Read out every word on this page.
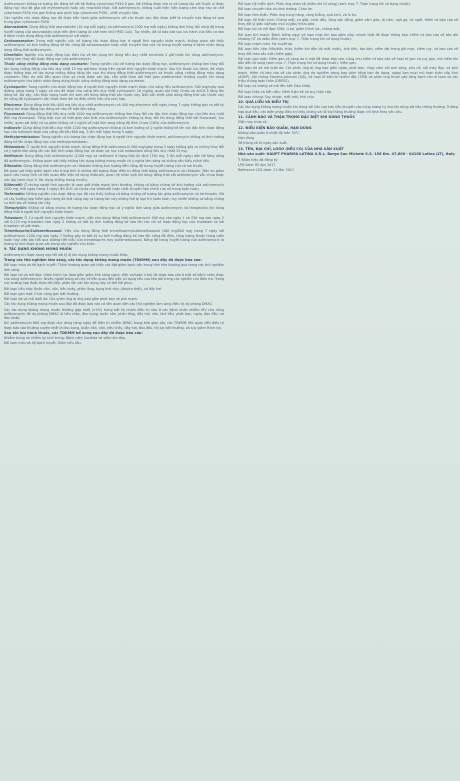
Azithromycin không có tương tác đáng kể với hệ thống cytochrom P450 ở gan. Nó không được cho là có tương tác với thuốc vì được động học như đã gặp với erythromycin hoặc các macrolid khác. Với azithromycin, không xuất hiện hiện tượng cảm ứng hay ức chế cytochrom P450 của gan thông qua phức hợp cytochrom P450 - chất chuyển hóa.
Các nghiên cứu dược động học đã được tiến hành giữa azithromycin với các thuốc sau đây được biết là chuyển hóa đáng kể qua trung gian cytochrom P450.
Atorvastatin: Dùng đồng thời atorvastatin (10 mg mỗi ngày) và azithromycin (500 mg mỗi ngày) không làm thay đổi nồng độ trong huyết tương của atorvastatin (dựa trên định lượng ức chế men khử HMG CoA). Tuy nhiên, đã có báo cáo sau lưu hành của tiêu cơ vân ở bệnh nhân dùng đồng thời azithromycin với statin.
Carbamazepine: Trong một nghiên cứu về tương tác dược động học ở người tình nguyện khỏe mạnh, không quan sát thấy azithromycin có ảnh hưởng đáng kể lên nồng độ carbamazepin hoặc chất chuyển hóa của nó trong huyết tương ở bệnh nhân đang dùng đồng thời azithromycin.
Cimetidin: Nghiên cứu dược động học điều tra về tác dụng khi dùng liều duy nhất cimetidin 2 giờ trước khi dùng azithromycin, không làm thay đổi dược động học của azithromycin.
Thuốc uống chống đông máu dạng coumarin: Trong nghiên cứu về tương tác dược động học, azithromycin không làm thay đổi tác dụng chống đông của liều duy nhất 15 mg warfarin dùng trên người tình nguyện khỏe mạnh. Sau khi thuốc lưu hành, đã nhận được thông báo về tác dụng chống đông tăng lên sau khi dùng đồng thời azithromycin và thuốc uống chống đông máu dạng coumarin. Mặc dù mối liên quan thực sự chưa được xác lập, cần phải theo dõi thời gian prothrombin thường xuyên khi dùng azithromycin cho bệnh nhân đang dùng thuốc uống chống đông máu dạng coumarin.
Cyclosporin: Trong nghiên cứu dược động học ở người tình nguyện khỏe mạnh được cho uống liều azithromycin 500 mg/ngày qua đường uống trong 3 ngày và sau đó được cho uống liều duy nhất cyclosporin 10 mg/kg, quan sát thấy Cmax và AUC0-5 tăng lên đáng kể. Do vậy, cần thận trọng trước khi xem xét dùng đồng thời các thuốc này. Nếu cần thiết phải dùng đồng thời các thuốc này thì nồng độ cyclosporin cần được theo dõi và điều chỉnh liều cho phù hợp.
Efavirenz: Dùng đồng thời liều 600 mg liều duy nhất azithromycin và 400 mg efavirenz mỗi ngày trong 7 ngày không gây ra bất kỳ tương tác dược động học đáng kể nào về mặt lâm sàng.
Fluconazol: Dùng đồng thời liều duy nhất 1200 mg azithromycin không làm thay đổi các đặc tính dược động học của liều duy nhất 800 mg fluconazol. Tổng tiếp xúc và thời gian bán thải của azithromycin không bị thay đổi khi dùng đồng thời với fluconazol, tuy nhiên, quan sát thấy có sự giảm không có ý nghĩa về mặt lâm sàng nồng độ đỉnh Cmax (18%) của azithromycin.
Indinavir: Dùng đồng thời liều duy nhất 1200 mg azithromycin không có ảnh hưởng có ý nghĩa thống kê lên các đặc tính dược động học của indinavir được cho uống với liều 800 mg, 3 lần mỗi ngày trong 5 ngày.
Methylprednisolon: Trong nghiên cứu tương tác dược động học ở người tình nguyện khỏe mạnh, azithromycin không có ảnh hưởng đáng kể lên dược động học của methylprednisolon.
Midazolam: Ở người tình nguyện khỏe mạnh, dùng đồng thời azithromycin 500 mg/ngày trong 3 ngày không gây ra những thay đổi có ý nghĩa lâm sàng lên các đặc tính dược động học và dược lực học của midazolam dùng liều duy nhất 15 mg.
Nelfinavir: Dùng đồng thời azithromycin (1200 mg) và nelfinavir ở trạng thái ổn định (750 mg, 3 lần mỗi ngày) dẫn tới tăng nồng độ azithromycin. Không quan sát thấy những tác dụng không mong muốn có ý nghĩa lâm sàng và không cần điều chỉnh liều.
Rifabutin: Dùng đồng thời azithromycin và rifabutin không ảnh hưởng đến nồng độ trong huyết tương của cả hai thuốc.
Đã quan sát thấy giảm bạch cầu trung tính ở những đối tượng được điều trị đồng thời bằng azithromycin và rifabutin. Mặc dù giảm bạch cầu trung tính có liên quan đến việc sử dụng rifabutin, quan hệ nhân quả khi dùng đồng thời với azithromycin vẫn chưa được xác lập (xem mục 9. Tác dụng không mong muốn).
Sildenafil: Ở những người tình nguyện là nam giới khỏe mạnh bình thường, không có bằng chứng về ảnh hưởng của azithromycin (500 mg, mỗi ngày trong 3 ngày) lên AUC và Cmax của sildenafil hoặc chất chuyển hóa chính của nó trong tuần hoàn.
Terfenadin: Những nghiên cứu dược động học đã cho thấy không có bằng chứng về tương tác giữa azithromycin và terfenadin. Đã có các trường hợp hiếm gặp trong đó khả năng xảy ra tương tác này không thể bị loại trừ hoàn toàn; tuy nhiên không có bằng chứng cụ thể nào về tương tác này.
Theophyllin: Không có bằng chứng về tương tác dược động học có ý nghĩa lâm sàng giữa azithromycin và theophyllin khi dùng đồng thời ở người tình nguyện khỏe mạnh.
Triazolam: Ở 14 người tình nguyện khỏe mạnh, việc cho dùng đồng thời azithromycin 500 mg vào ngày 1 và 250 mg vào ngày 2 với 0,125 mg triazolam vào ngày 2 không có bất kỳ ảnh hưởng đáng kể nào lên các chỉ số dược động học của triazolam so với triazolam và giả dược.
Trimethoprim/Sulfamethoxazol: Việc cho dùng đồng thời trimethoprim/sulfamethoxazol (160 mg/800 mg) trong 7 ngày với azithromycin 1200 mg vào ngày 7 không gây ra bất kỳ sự ảnh hưởng đáng kể nào lên nồng độ đỉnh, tổng lượng thuốc trong tuần hoàn hay việc bài tiết qua đường tiết niệu của trimethoprim hay sulfamethoxazol. Nồng độ trong huyết tương của azithromycin là tương tự như được quan sát trong các nghiên cứu khác.
9. TÁC DỤNG KHÔNG MONG MUỐN
Azithromycin được dung nạp tốt với tỷ lệ tác dụng không mong muốn thấp.
Trong các thử nghiệm lâm sàng, các tác dụng không mong muốn (TDKMM) sau đây đã được báo cáo:
Rối loạn máu và hệ bạch huyết: Thỉnh thoảng quan sát thấy các đợt giảm bạch cầu trung tính nhẹ thoáng qua trong các thử nghiệm lâm sàng.
Rối loạn tai và mê đạo: Giảm thính lực (bao gồm giảm khả năng nghe, điếc và/hoặc ù tai) đã được báo cáo ở một số bệnh nhân được cho dùng azithromycin. Nhiều người trong số này có liên quan đến việc sử dụng liều cao kéo dài trong các nghiên cứu điều tra. Trong các trường hợp được theo dõi tiếp, phần lớn các tác dụng này có thể hồi phục.
Rối loạn tiêu hóa: Buồn nôn, nôn, tiêu chảy, phân lỏng, bụng khó chịu (đau/co thắt), và đầy hơi.
Rối loạn gan mật: Chức năng gan bất thường.
Rối loạn da và mô dưới da: Các phản ứng dị ứng bao gồm phát ban và phù mạch.
Các tác dụng không mong muốn sau đây đã được báo cáo có liên quan đến các thử nghiệm lâm sàng điều trị dự phòng DMAC:
Các tác dụng không mong muốn thường gặp nhất (>5%) trong bất kỳ nhóm điều trị nào ở các bệnh nhân nhiễm HIV cho dùng azithromycin để dự phòng DMAC là tiêu chảy, đau bụng, buồn nôn, phân lỏng, đầy hơi, nôn, khó tiêu, phát ban, ngứa, đau đầu, và đau khớp.
Khi azithromycin 600 mg được cho dùng hàng ngày để điều trị nhiễm DMAC trong thời gian dài, các TDKMM liên quan đến điều trị được báo cáo thường xuyên nhất là đau bụng, buồn nôn, nôn, tiêu chảy, đầy hơi, đau đầu, thị lực bất thường, và suy giảm thính lực.
Sau khi lưu hành thuốc, các TDKMM bổ sung sau đây đã được báo cáo:
Nhiễm trùng và nhiễm ký sinh trùng: Bệnh nấm Candida và viêm âm đạo.
Rối loạn máu và hệ bạch huyết: Giảm tiểu cầu.
Rối loạn hệ miễn dịch: Phản ứng phản vệ (hiếm khi tử vong) (xem mục 7. Thận trọng khi sử dụng thuốc).
Rối loạn chuyển hóa và dinh dưỡng: Chán ăn.
Rối loạn tâm thần: Phản ứng hung hăng, căng thẳng, quá kích, và lo âu.
Rối loạn hệ thần kinh: Chóng mặt, co giật, nhức đầu, tăng vận động, giảm cảm giác, dị cảm, ngủ gà, và ngất. Hiếm có báo cáo về thay đổi vị giác và/hoặc mùi vị giác/ khứu giác.
Rối loạn tai và mê đạo: Điếc, ù tai, giảm thính lực, chóng mặt.
Rối loạn tim mạch: Đánh trống ngực và loạn nhịp tim bao gồm nhịp nhanh thất đã được thông báo. Hiếm có báo cáo về kéo dài khoảng QT và xoắn đỉnh (xem mục 7. Thận trọng khi sử dụng thuốc).
Rối loạn mạch máu: Hạ huyết áp.
Rối loạn tiêu hóa: Nôn/tiêu chảy (hiếm khi dẫn tới mất nước), khó tiêu, táo bón, viêm đại tràng giả mạc, viêm tụy, và báo cáo về thay đổi màu sắc lưỡi (hiếm gặp).
Rối loạn gan mật: Viêm gan và vàng da ứ mật đã được báo cáo, cũng như hiếm có báo cáo về hoại tử gan và suy gan, mà hiếm khi dẫn đến tử vong (xem mục 7. Thận trọng khi sử dụng thuốc). Viêm gan.
Rối loạn da và mô dưới da: Các phản ứng dị ứng bao gồm ngứa, phát ban, nhạy cảm với ánh sáng, phù nề, nổi mày đay, và phù mạch. Hiếm có báo cáo về các phản ứng da nghiêm trọng bao gồm hồng ban đa dạng, ngoại ban mụn mủ toàn thân cấp tính (AGEP), hội chứng Stevens-Johnson (SJS), và hoại tử biểu bì nhiễm độc (TEN) và phản ứng thuốc gây tăng bạch cầu ái toan và các triệu chứng toàn thân (DRESS).
Rối loạn cơ xương và mô liên kết: Đau khớp.
Rối loạn thận và tiết niệu: Viêm thận kẽ và suy thận cấp.
Rối loạn chung: Suy nhược, mệt mỏi, khó chịu.
10. QUÁ LIỀU VÀ ĐIỀU TRỊ
Các tác dụng không mong muốn khi dùng với liều cao hơn liều khuyến cáo cũng tương tự như khi dùng với liều thông thường. Trường hợp quá liều, các biện pháp điều trị triệu chứng và hỗ trợ thông thường được chỉ định theo yêu cầu.
11. CẢNH BÁO VÀ THẬN TRỌNG ĐẶC BIỆT KHI DÙNG THUỐC
Hiện nay chưa có.
12. ĐIỀU KIỆN BẢO QUẢN, HẠN DÙNG
Không bảo quản ở nhiệt độ trên 30°C.
Hạn dùng
36 tháng kể từ ngày sản xuất.
13. TÊN, ĐỊA CHỈ, LOGO (NẾU CÓ) CỦA NHÀ SẢN XUẤT
Nhà sản xuất: HAUPT PHARMA LATINA S.R.L. Borgo San Michele S.S. 156 Km. 47,600 - 04100 Latina (LT), Italy.
Ý. Nhãn hiệu đã đăng ký
LPD date: 05 Apr 2017
Reference CDS date: 21 Mar 2017
